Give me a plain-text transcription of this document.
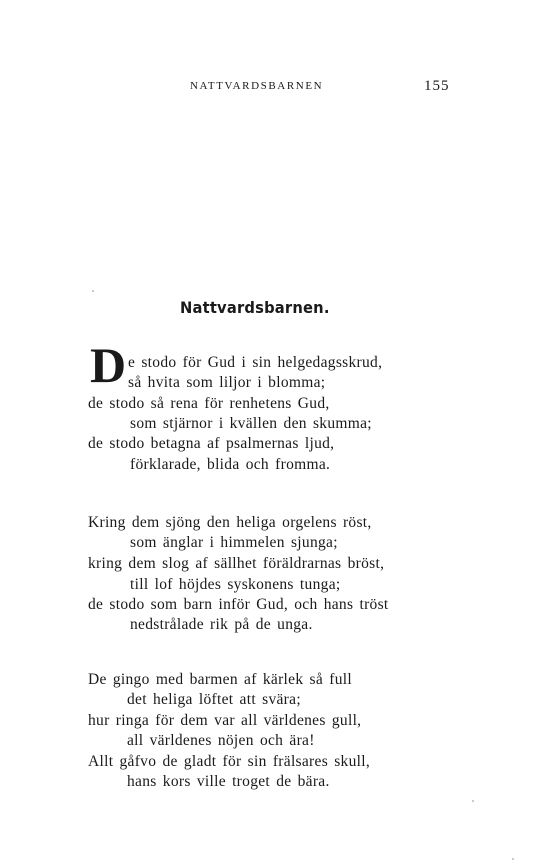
NATTVARDSBARNEN	155
Nattvardsbarnen.
D e stodo för Gud i sin helgedagsskrud,
så hvita som liljor i blomma;
de stodo så rena för renhetens Gud,
som stjärnor i kvällen den skumma;
de stodo betagna af psalmernas ljud,
förklarade, blida och fromma.
Kring dem sjöng den heliga orgelens röst,
som änglar i himmelen sjunga;
kring dem slog af sällhet föräldrarnas bröst,
till lof höjdes syskonens tunga;
de stodo som barn inför Gud, och hans tröst
nedstrålade rik på de unga.
De gingo med barmen af kärlek så full
det heliga löftet att svära;
hur ringa för dem var all världenes gull,
all världenes nöjen och ära!
Allt gåfvo de gladt för sin frälsares skull,
hans kors ville troget de bära.
